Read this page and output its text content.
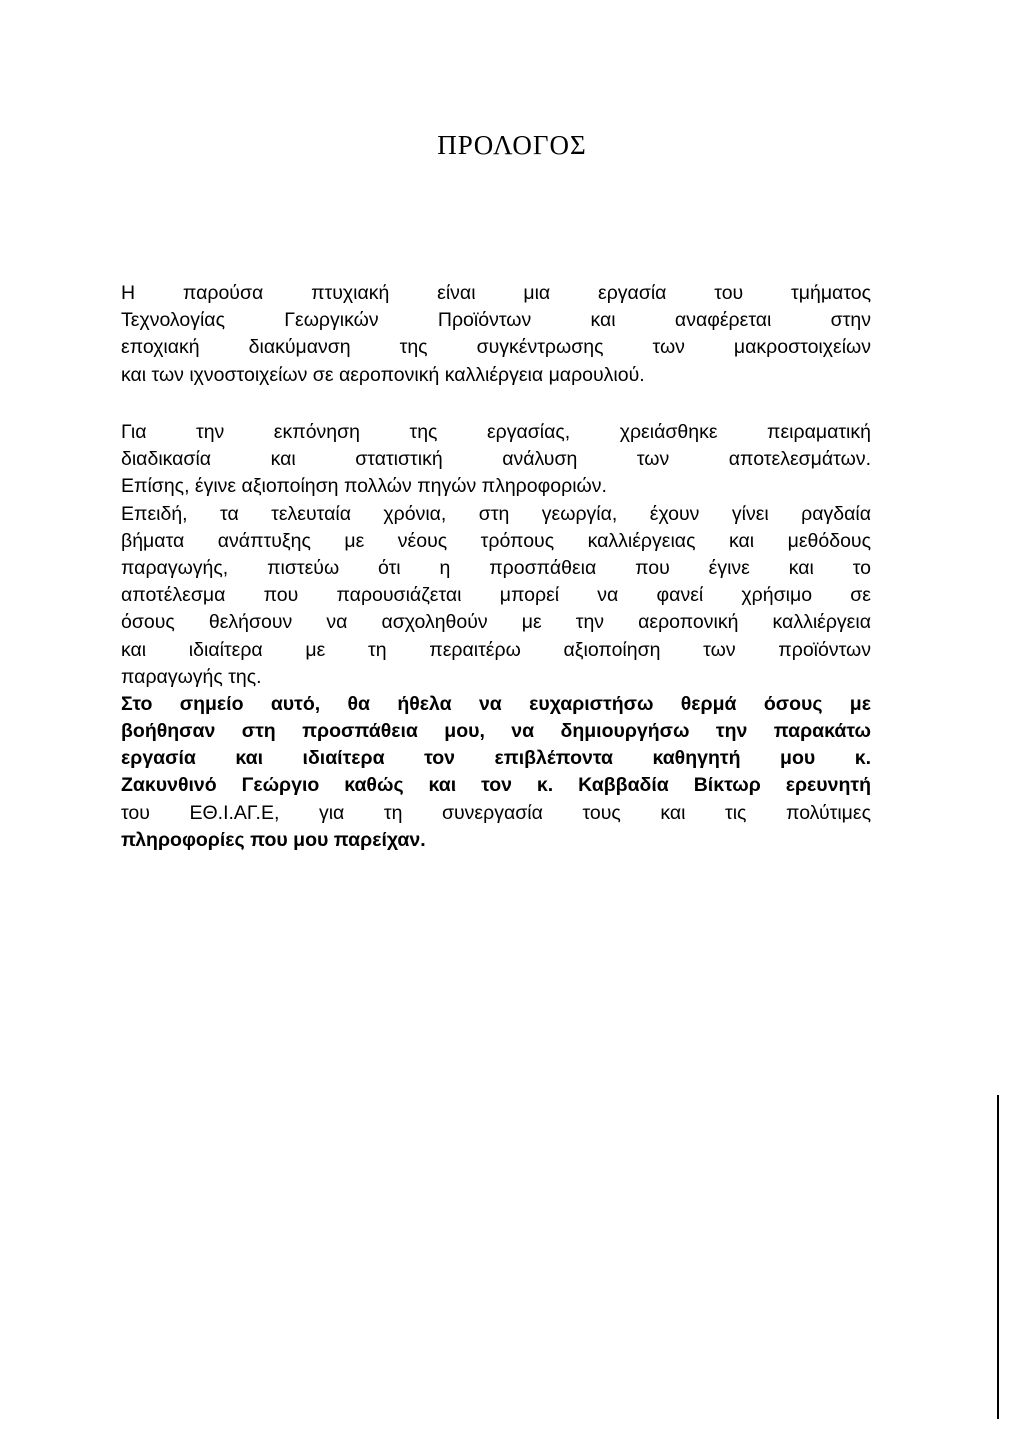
ΠΡΟΛΟΓΟΣ
Η παρούσα πτυχιακή είναι μια εργασία του τμήματος
Τεχνολογίας Γεωργικών Προϊόντων και αναφέρεται στην
εποχιακή διακύμανση της συγκέντρωσης των μακροστοιχείων
και των ιχνοστοιχείων σε αεροπονική καλλιέργεια μαρουλιού.
Για την εκπόνηση της εργασίας, χρειάσθηκε πειραματική
διαδικασία και στατιστική ανάλυση των αποτελεσμάτων.
Επίσης, έγινε αξιοποίηση πολλών πηγών πληροφοριών.
Επειδή, τα τελευταία χρόνια, στη γεωργία, έχουν γίνει ραγδαία
βήματα ανάπτυξης με νέους τρόπους καλλιέργειας και μεθόδους
παραγωγής, πιστεύω ότι η προσπάθεια που έγινε και το
αποτέλεσμα που παρουσιάζεται μπορεί να φανεί χρήσιμο σε
όσους θελήσουν να ασχοληθούν με την αεροπονική καλλιέργεια
και ιδιαίτερα με τη περαιτέρω αξιοποίηση των προϊόντων
παραγωγής της.
Στο σημείο αυτό, θα ήθελα να ευχαριστήσω θερμά όσους με
βοήθησαν στη προσπάθεια μου, να δημιουργήσω την παρακάτω
εργασία και ιδιαίτερα τον επιβλέποντα καθηγητή μου κ.
Ζακυνθινό Γεώργιο καθώς και τον κ. Καββαδία Βίκτωρ ερευνητή
του ΕΘ.Ι.ΑΓ.Ε, για τη συνεργασία τους και τις πολύτιμες
πληροφορίες που μου παρείχαν.
